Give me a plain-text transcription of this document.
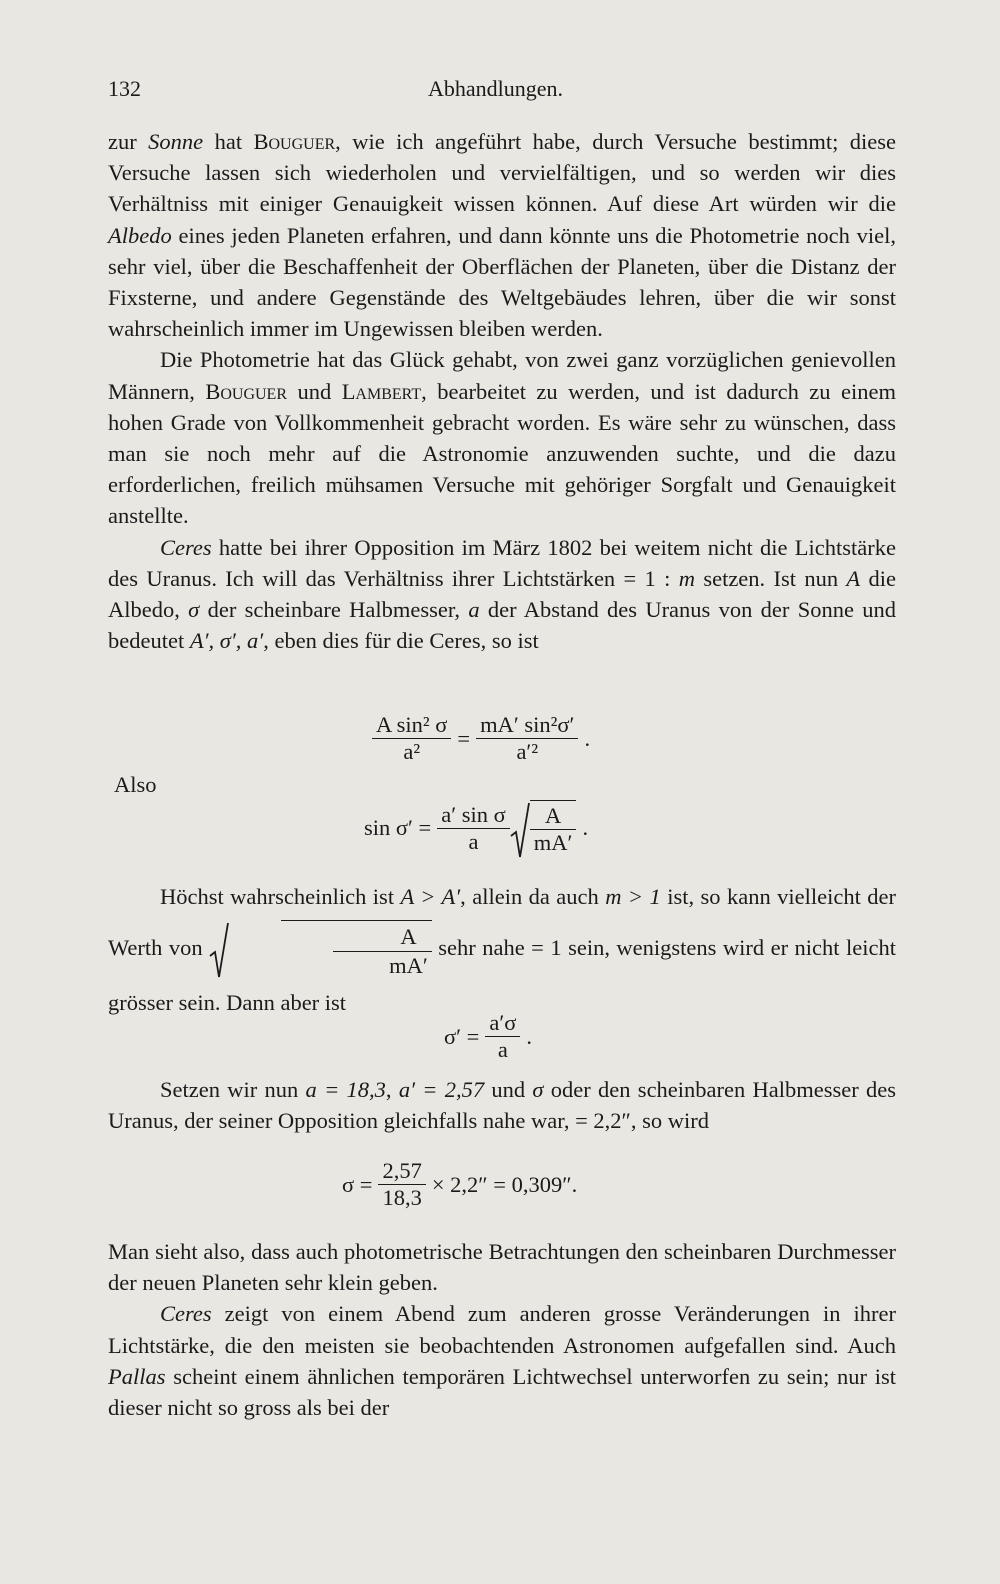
132	Abhandlungen.

zur Sonne hat Bouguer, wie ich angeführt habe, durch Versuche bestimmt; diese Versuche lassen sich wiederholen und vervielfältigen, und so werden wir dies Verhältniss mit einiger Genauigkeit wissen können. Auf diese Art würden wir die Albedo eines jeden Planeten erfahren, und dann könnte uns die Photometrie noch viel, sehr viel, über die Beschaffenheit der Oberflächen der Planeten, über die Distanz der Fixsterne, und andere Gegenstände des Weltgebäudes lehren, über die wir sonst wahrscheinlich immer im Ungewissen bleiben werden.

Die Photometrie hat das Glück gehabt, von zwei ganz vorzüglichen genievollen Männern, Bouguer und Lambert, bearbeitet zu werden, und ist dadurch zu einem hohen Grade von Vollkommenheit gebracht worden. Es wäre sehr zu wünschen, dass man sie noch mehr auf die Astronomie anzuwenden suchte, und die dazu erforderlichen, freilich mühsamen Versuche mit gehöriger Sorgfalt und Genauigkeit anstellte.

Ceres hatte bei ihrer Opposition im März 1802 bei weitem nicht die Lichtstärke des Uranus. Ich will das Verhältniss ihrer Lichtstärken = 1 : m setzen. Ist nun A die Albedo, σ der scheinbare Halbmesser, a der Abstand des Uranus von der Sonne und bedeutet A′, σ′, a′, eben dies für die Ceres, so ist

$\frac{\text{A sin² σ}}{\text{a²}} = \frac{\text{mA′ sin²σ′}}{\text{a′²}}$ .
Also
$\sin \sigma' = \frac{\text{a′ sin σ}}{a} \frac{A}{mA'}$ .

Höchst wahrscheinlich ist A > A′, allein da auch m > 1 ist, so kann vielleicht der Werth von	$\frac{A}{mA'}$ sehr nahe = 1 sein, wenigstens wird er nicht leicht grösser sein. Dann aber ist

$\sigma' = \frac{a'\sigma}{a}$ .

Setzen wir nun a = 18,3, a′ = 2,57 und σ oder den scheinbaren Halbmesser des Uranus, der seiner Opposition gleichfalls nahe war, = 2,2″, so wird

$\sigma = \frac{2,57}{18,3} \times 2,2'' = 0,309''$.

Man sieht also, dass auch photometrische Betrachtungen den scheinbaren Durchmesser der neuen Planeten sehr klein geben.

Ceres zeigt von einem Abend zum anderen grosse Veränderungen in ihrer Lichtstärke, die den meisten sie beobachtenden Astronomen aufgefallen sind. Auch Pallas scheint einem ähnlichen temporären Lichtwechsel unterworfen zu sein; nur ist dieser nicht so gross als bei der
